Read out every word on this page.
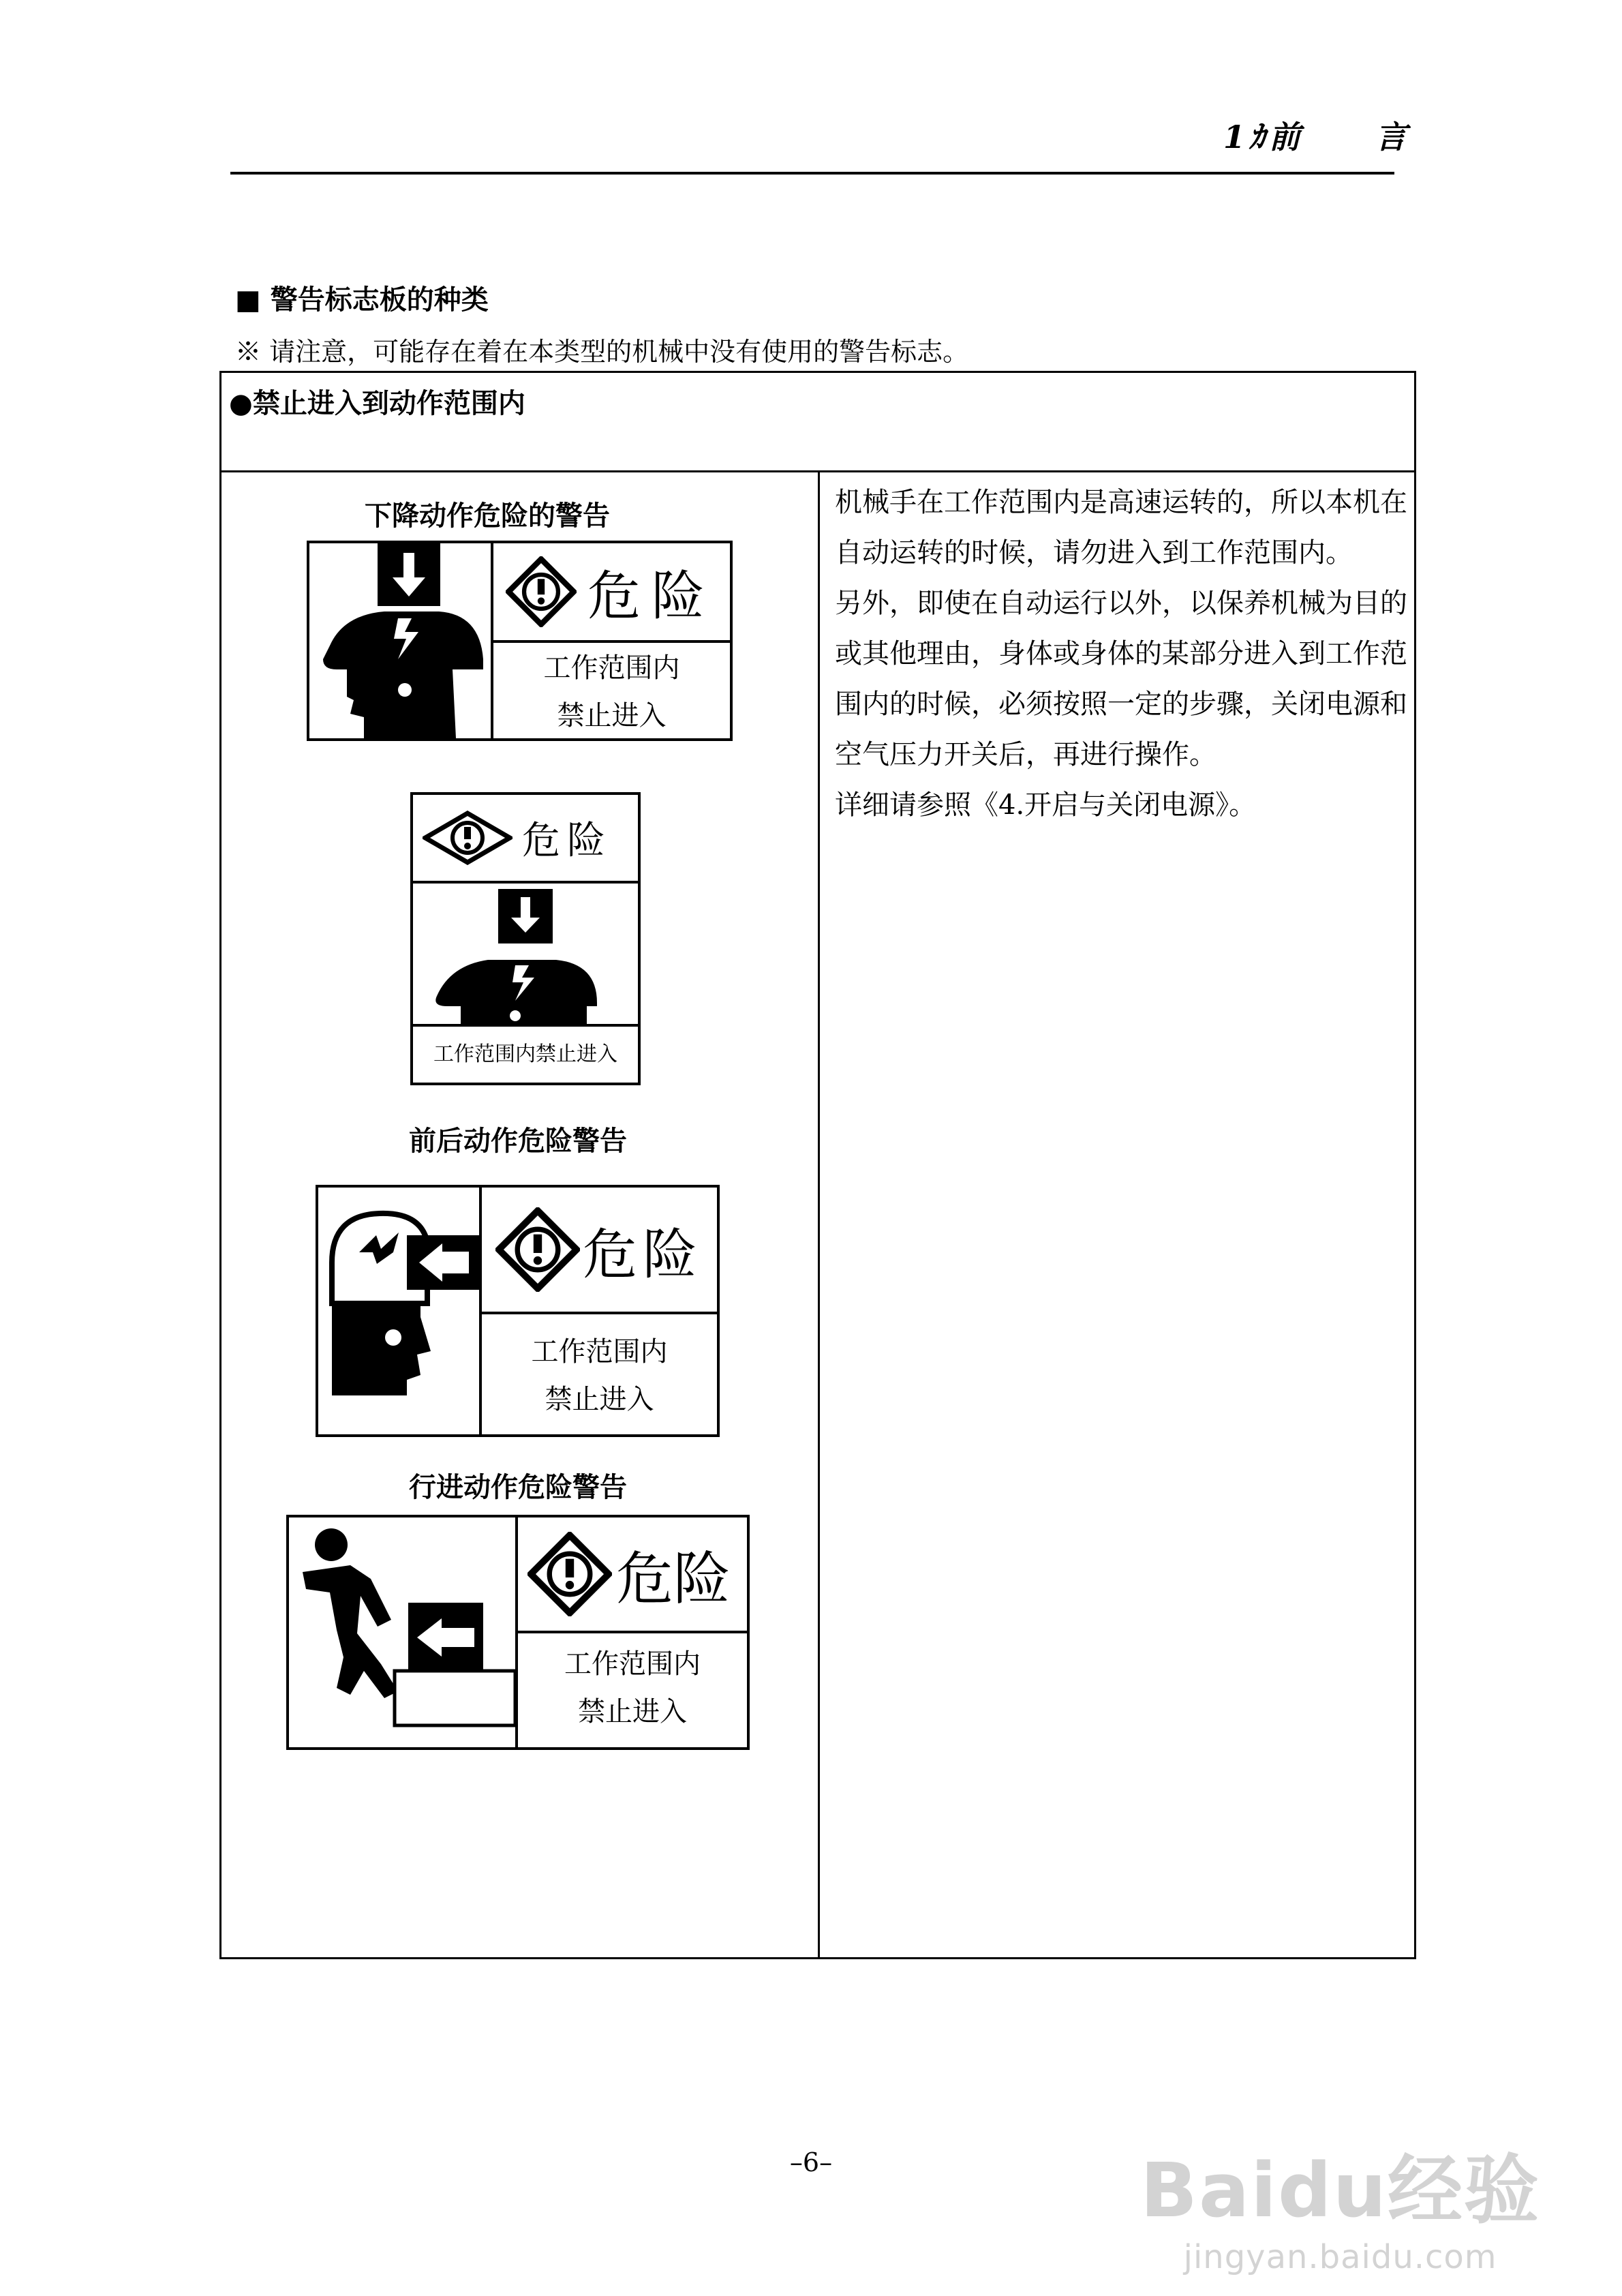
1ｶ前　　言
■ 警告标志板的种类
※ 请注意，可能存在着在本类型的机械中没有使用的警告标志。
●禁止进入到动作范围内
下降动作危险的警告
危险
工作范围内
禁止进入
危险
工作范围内禁止进入
前后动作危险警告
危险
工作范围内
禁止进入
行进动作危险警告
危险
工作范围内
禁止进入

机械手在工作范围内是高速运转的，所以本机在自动运转的时候，请勿进入到工作范围内。

另外，即使在自动运行以外，以保养机械为目的或其他理由，身体或身体的某部分进入到工作范围内的时候，必须按照一定的步骤，关闭电源和空气压力开关后，再进行操作。

详细请参照《4.开启与关闭电源》。

–6–	Baidu经验
jingyan.baidu.com
